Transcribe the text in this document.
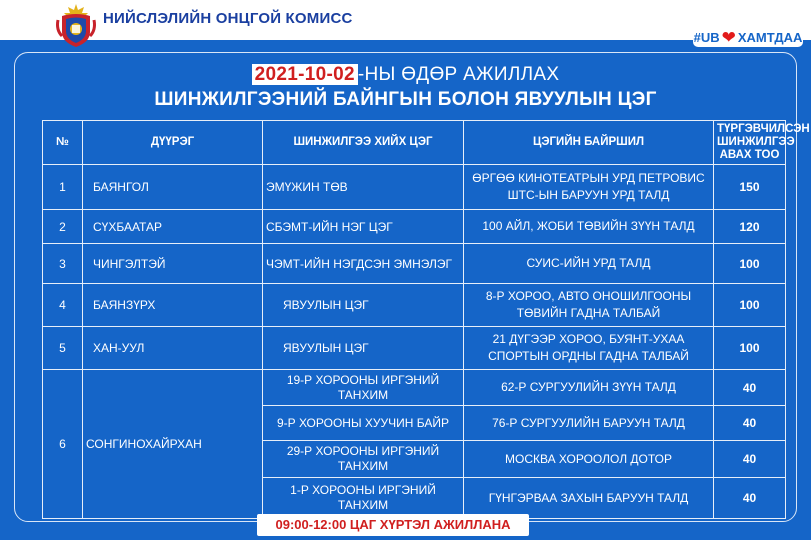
НИЙСЛЭЛИЙН ОНЦГОЙ КОМИСС
#UB ❤ ХАМТДАА
2021-10-02 -НЫ ӨДӨР АЖИЛЛАХ
ШИНЖИЛГЭЭНИЙ БАЙНГЫН БОЛОН ЯВУУЛЫН ЦЭГ
№	ДҮҮРЭГ	ШИНЖИЛГЭЭ ХИЙХ ЦЭГ	ЦЭГИЙН БАЙРШИЛ	ТҮРГЭВЧИЛСЭН ШИНЖИЛГЭЭ АВАХ ТОО
1	БАЯНГОЛ	ЭМҮЖИН ТӨВ	ӨРГӨӨ КИНОТЕАТРЫН УРД ПЕТРОВИС ШТС-ЫН БАРУУН УРД ТАЛД	150
2	СҮХБААТАР	СБЭМТ-ИЙН НЭГ ЦЭГ	100 АЙЛ, ЖОБИ ТӨВИЙН ЗҮҮН ТАЛД	120
3	ЧИНГЭЛТЭЙ	ЧЭМТ-ИЙН НЭГДСЭН ЭМНЭЛЭГ	СУИС-ИЙН УРД ТАЛД	100
4	БАЯНЗҮРХ	ЯВУУЛЫН ЦЭГ	8-Р ХОРОО, АВТО ОНОШИЛГООНЫ ТӨВИЙН ГАДНА ТАЛБАЙ	100
5	ХАН-УУЛ	ЯВУУЛЫН ЦЭГ	21 ДҮГЭЭР ХОРОО, БУЯНТ-УХАА СПОРТЫН ОРДНЫ ГАДНА ТАЛБАЙ	100
6	СОНГИНОХАЙРХАН	19-Р ХОРООНЫ ИРГЭНИЙ ТАНХИМ	62-Р СУРГУУЛИЙН ЗҮҮН ТАЛД	40
		9-Р ХОРООНЫ ХУУЧИН БАЙР	76-Р СУРГУУЛИЙН БАРУУН ТАЛД	40
		29-Р ХОРООНЫ ИРГЭНИЙ ТАНХИМ	МОСКВА ХОРООЛОЛ ДОТОР	40
		1-Р ХОРООНЫ ИРГЭНИЙ ТАНХИМ	ГҮНГЭРВАА ЗАХЫН БАРУУН ТАЛД	40
09:00-12:00 ЦАГ ХҮРТЭЛ АЖИЛЛАНА
